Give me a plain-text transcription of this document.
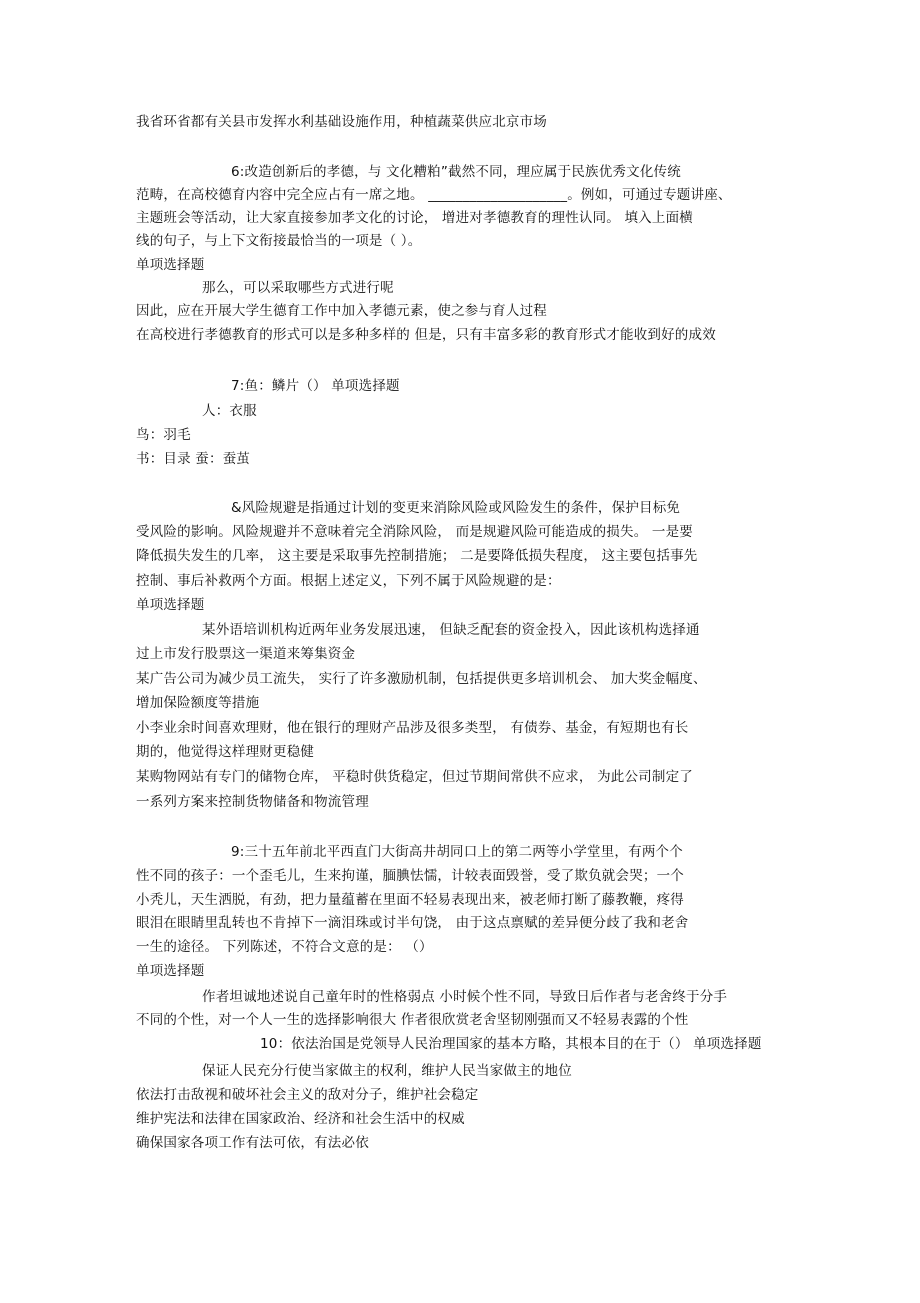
我省环省都有关县市发挥水利基础设施作用，种植蔬菜供应北京市场
6:改造创新后的孝德，与 文化糟粕”截然不同，理应属于民族优秀文化传统
范畴，在高校德育内容中完全应占有一席之地。 ____________________。例如，可通过专题讲座、
主题班会等活动，让大家直接参加孝文化的讨论， 增进对孝德教育的理性认同。 填入上面横
线的句子，与上下文衔接最恰当的一项是（ ）。
单项选择题
那么，可以采取哪些方式进行呢
因此，应在开展大学生德育工作中加入孝德元素，使之参与育人过程
在高校进行孝德教育的形式可以是多种多样的 但是，只有丰富多彩的教育形式才能收到好的成效
7:鱼：鳞片（） 单项选择题
人：衣服
鸟：羽毛
书：目录 蚕：蚕茧
&风险规避是指通过计划的变更来消除风险或风险发生的条件，保护目标免
受风险的影响。风险规避并不意味着完全消除风险， 而是规避风险可能造成的损失。 一是要
降低损失发生的几率， 这主要是采取事先控制措施； 二是要降低损失程度， 这主要包括事先
控制、事后补救两个方面。根据上述定义，下列不属于风险规避的是：
单项选择题
某外语培训机构近两年业务发展迅速， 但缺乏配套的资金投入，因此该机构选择通
过上市发行股票这一渠道来筹集资金
某广告公司为减少员工流失， 实行了许多激励机制，包括提供更多培训机会、 加大奖金幅度、
增加保险额度等措施
小李业余时间喜欢理财，他在银行的理财产品涉及很多类型， 有债券、基金，有短期也有长
期的，他觉得这样理财更稳健
某购物网站有专门的储物仓库， 平稳时供货稳定，但过节期间常供不应求， 为此公司制定了
一系列方案来控制货物储备和物流管理
9:三十五年前北平西直门大街高井胡同口上的第二两等小学堂里，有两个个
性不同的孩子：一个歪毛儿，生来拘谨，腼腆怯懦，计较表面毁誉，受了欺负就会哭；一个
小秃儿，天生洒脱，有劲，把力量蕴蓄在里面不轻易表现出来，被老师打断了藤教鞭，疼得
眼泪在眼睛里乱转也不肯掉下一滴泪珠或讨半句饶， 由于这点禀赋的差异便分歧了我和老舍
一生的途径。 下列陈述，不符合文意的是： （）
单项选择题
作者坦诚地述说自己童年时的性格弱点 小时候个性不同，导致日后作者与老舍终于分手
不同的个性，对一个人一生的选择影响很大 作者很欣赏老舍坚韧刚强而又不轻易表露的个性
10：依法治国是党领导人民治理国家的基本方略，其根本目的在于（） 单项选择题
保证人民充分行使当家做主的权利，维护人民当家做主的地位
依法打击敌视和破坏社会主义的敌对分子，维护社会稳定
维护宪法和法律在国家政治、经济和社会生活中的权威
确保国家各项工作有法可依，有法必依
